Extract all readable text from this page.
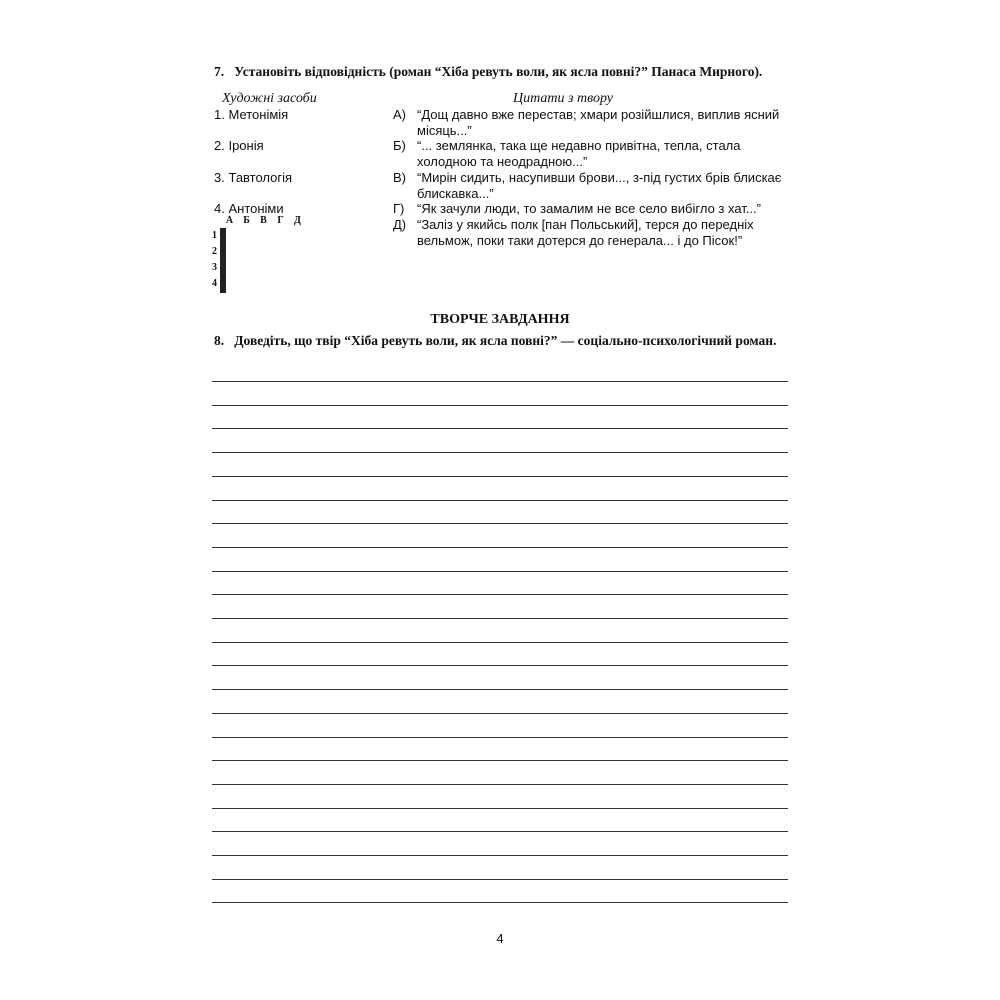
7. Установіть відповідність (роман “Хіба ревуть воли, як ясла повні?” Панаса Мирного).
Художні засоби	Цитати з твору
1. Метонімія
2. Іронія
3. Тавтологія
4. Антоніми
А) “Дощ давно вже перестав; хмари розійшлися, виплив ясний місяць...”
Б) “... землянка, така ще недавно привітна, тепла, стала холодною та неодрадною...”
В) “Мирін сидить, насупивши брови..., з-під густих брів блискає блискавка...”
Г) “Як зачули люди, то замалим не все село вибігло з хат...”
Д) “Заліз у якийсь полк [пан Польський], терся до передніх вельмож, поки таки дотерся до генерала... і до Пісок!”
А	Б	В	Г	Д
1
2
3
4

ТВОРЧЕ ЗАВДАННЯ
8. Доведіть, що твір “Хіба ревуть воли, як ясла повні?” — соціально-психологічний роман.
4
